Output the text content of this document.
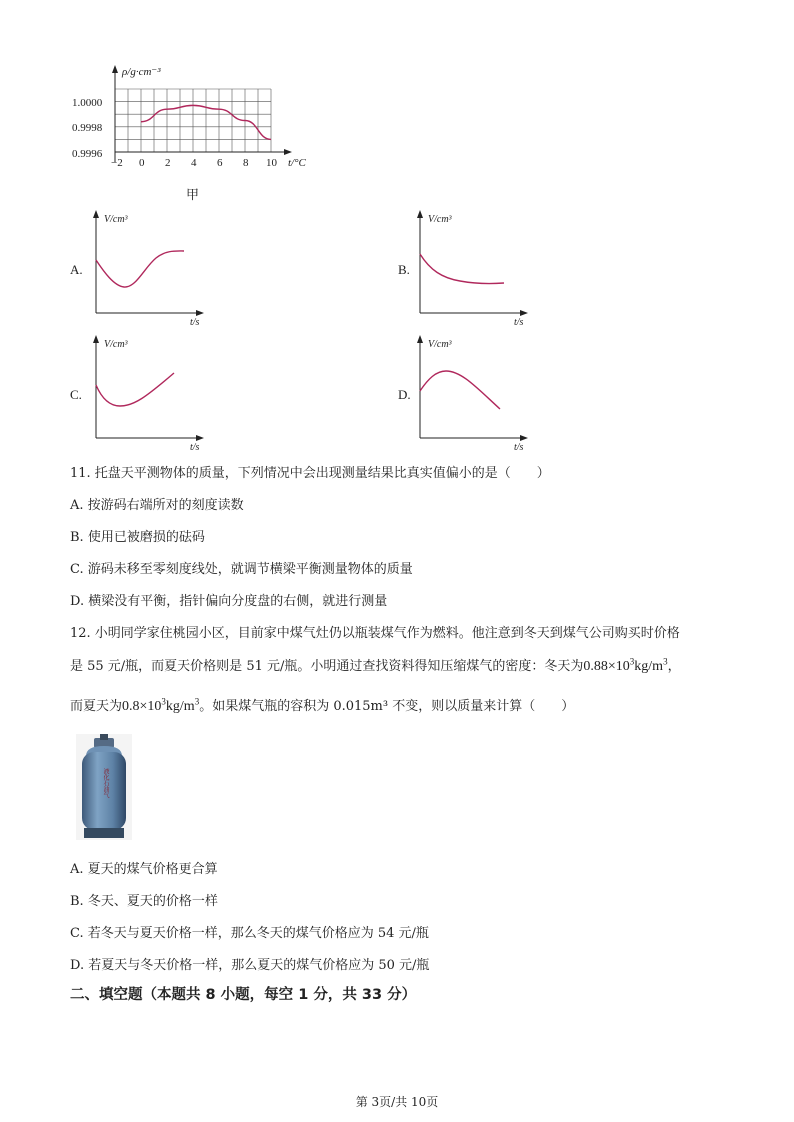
ρ/g·cm⁻³
1.0000
0.9998
0.9996
−2 0 2 4 6 8 10 t/°C
甲
A.
V/cm³
t/s
B.
V/cm³
t/s
C.
V/cm³
t/s
D.
V/cm³
t/s
11. 托盘天平测物体的质量，下列情况中会出现测量结果比真实值偏小的是（　　）
A. 按游码右端所对的刻度读数
B. 使用已被磨损的砝码
C. 游码未移至零刻度线处，就调节横梁平衡测量物体的质量
D. 横梁没有平衡，指针偏向分度盘的右侧，就进行测量
12. 小明同学家住桃园小区，目前家中煤气灶仍以瓶装煤气作为燃料。他注意到冬天到煤气公司购买时价格
是 55 元/瓶，而夏天价格则是 51 元/瓶。小明通过查找资料得知压缩煤气的密度：冬天为$0.88\times 10^3kg/m^3$，
而夏天为$0.8\times 10^3kg/m^3$。如果煤气瓶的容积为 0.015m³ 不变，则以质量来计算（　　）
液化石油气
A. 夏天的煤气价格更合算
B. 冬天、夏天的价格一样
C. 若冬天与夏天价格一样，那么冬天的煤气价格应为 54 元/瓶
D. 若夏天与冬天价格一样，那么夏天的煤气价格应为 50 元/瓶
二、填空题（本题共 8 小题，每空 1 分，共 33 分）
第 3页/共 10页
